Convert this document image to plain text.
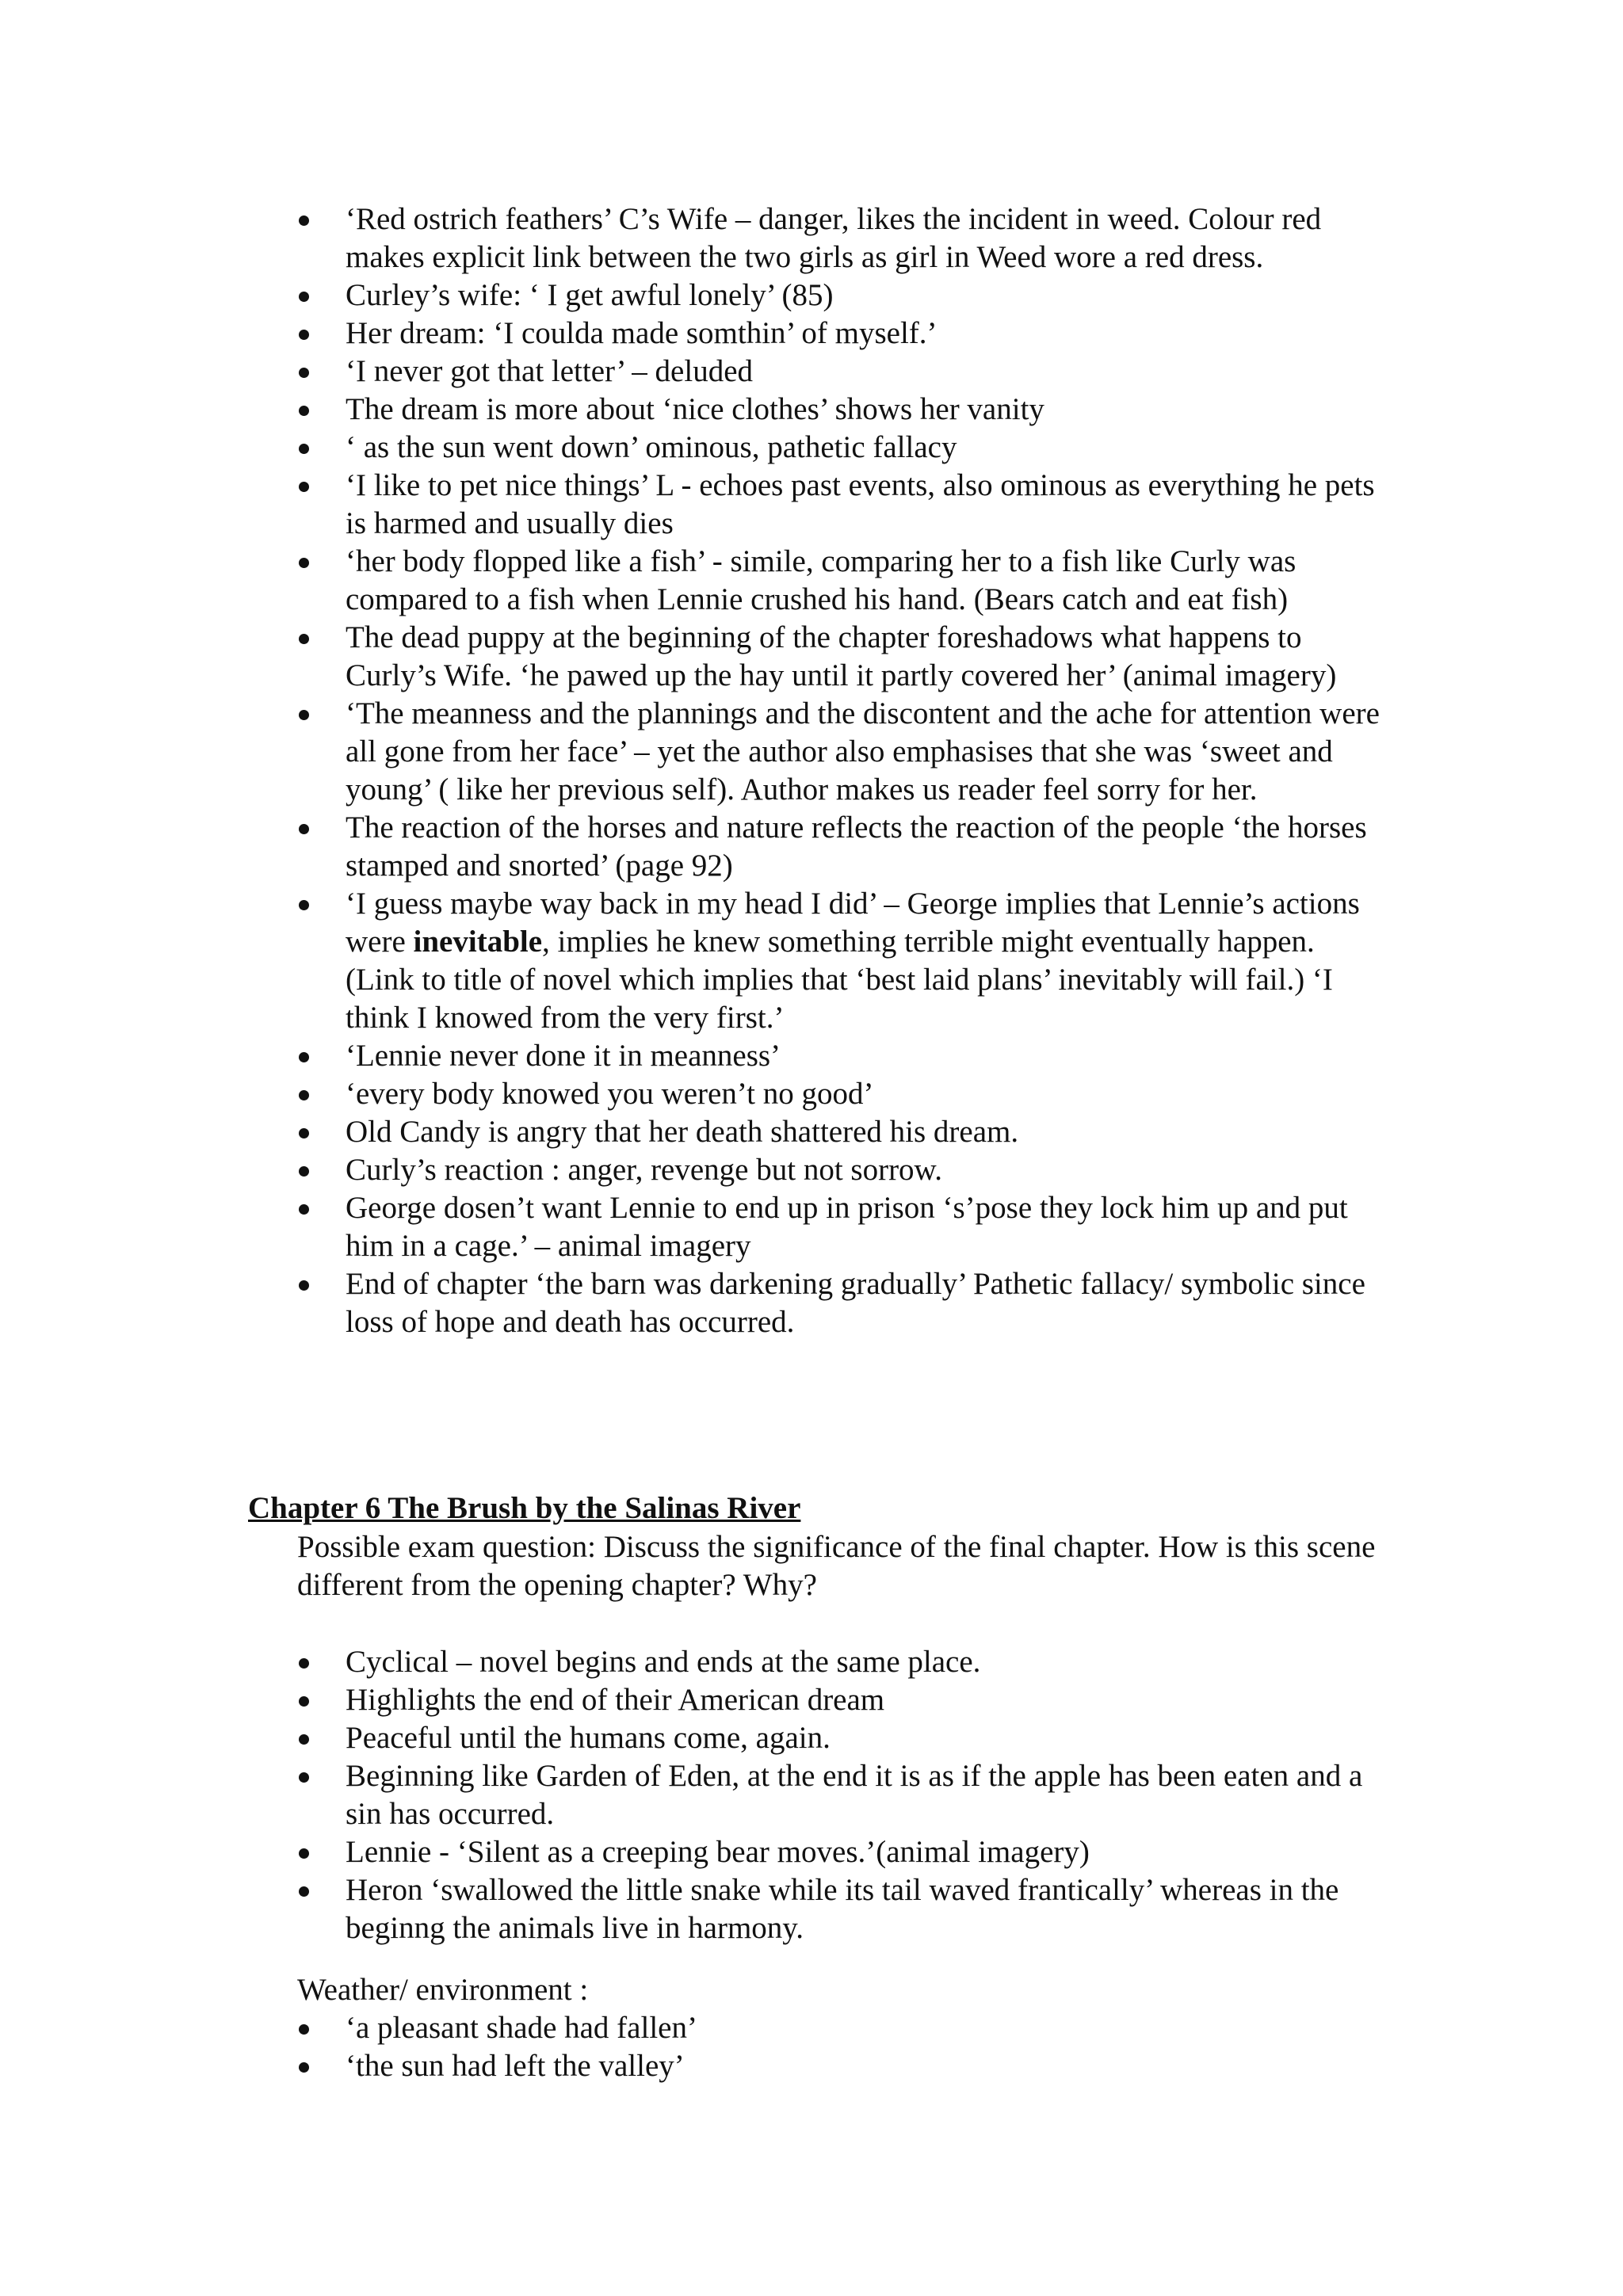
‘Red ostrich feathers’ C’s Wife – danger, likes the incident in weed. Colour red makes explicit link between the two girls as girl in Weed wore a red dress.
Curley’s wife: ‘ I get awful lonely’ (85)
Her dream: ‘I coulda made somthin’ of myself.’
‘I never got that letter’ – deluded
The dream is more about ‘nice clothes’ shows her vanity
‘ as the sun went down’ ominous, pathetic fallacy
‘I like to pet nice things’ L - echoes past events, also ominous as everything he pets is harmed and usually dies
‘her body flopped like a fish’ - simile, comparing her to a fish like Curly was compared to a fish when Lennie crushed his hand. (Bears catch and eat fish)
The dead puppy at the beginning of the chapter foreshadows what happens to Curly’s Wife. ‘he pawed up the hay until it partly covered her’ (animal imagery)
‘The meanness and the plannings and the discontent and the ache for attention were all gone from her face’ – yet the author also emphasises that she was ‘sweet and young’ ( like her previous self). Author makes us reader feel sorry for her.
The reaction of the horses and nature reflects the reaction of the people ‘the horses stamped and snorted’ (page 92)
‘I guess maybe way back in my head I did’ – George implies that Lennie’s actions were inevitable, implies he knew something terrible might eventually happen. (Link to title of novel which implies that ‘best laid plans’ inevitably will fail.) ‘I think I knowed from the very first.’
‘Lennie never done it in meanness’
‘every body knowed you weren’t no good’
Old Candy is angry that her death shattered his dream.
Curly’s reaction : anger, revenge but not sorrow.
George dosen’t want Lennie to end up in prison ‘s’pose they lock him up and put him in a cage.’ – animal imagery
End of chapter ‘the barn was darkening gradually’ Pathetic fallacy/ symbolic since loss of hope and death has occurred.
Chapter 6 The Brush by the Salinas River
Possible exam question: Discuss the significance of the final chapter. How is this scene different from the opening chapter? Why?
Cyclical – novel begins and ends at the same place.
Highlights the end of their American dream
Peaceful until the humans come, again.
Beginning like Garden of Eden, at the end it is as if the apple has been eaten and a sin has occurred.
Lennie - ‘Silent as a creeping bear moves.’(animal imagery)
Heron ‘swallowed the little snake while its tail waved frantically’ whereas in the beginng the animals live in harmony.
Weather/ environment :
‘a pleasant shade had fallen’
‘the sun had left the valley’
